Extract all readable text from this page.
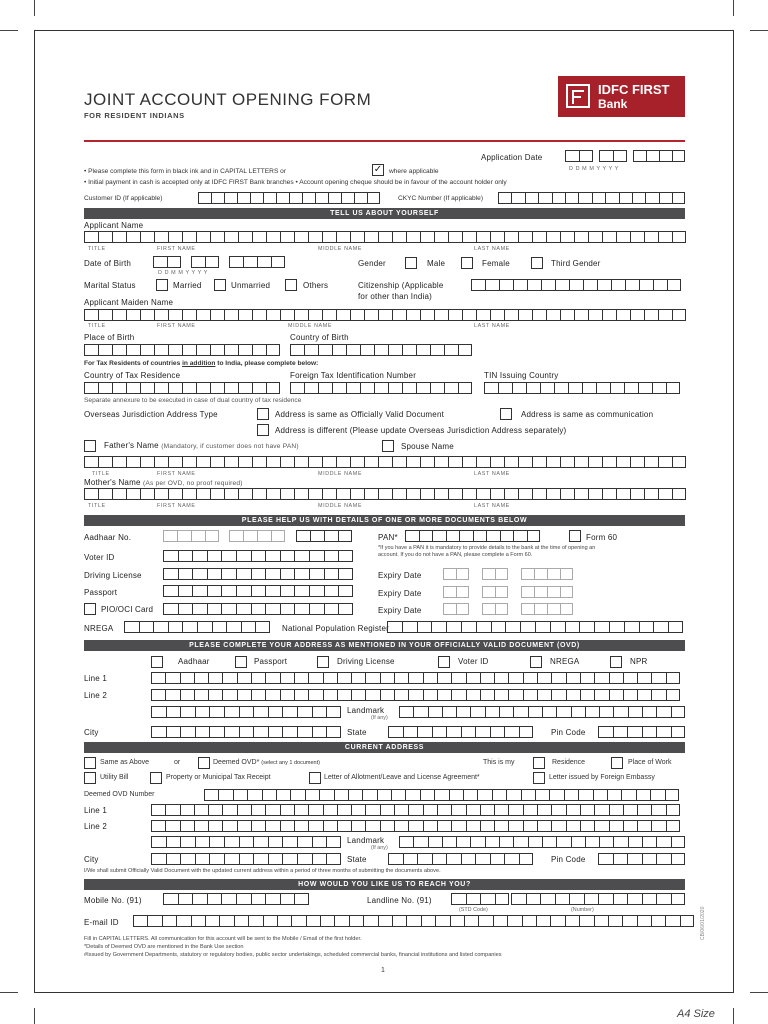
JOINT ACCOUNT OPENING FORM
FOR RESIDENT INDIANS
IDFC FIRST
Bank
Application Date
D D M M Y Y Y Y
• Please complete this form in black ink and in CAPITAL LETTERS or	✓ where applicable
• Initial payment in cash is accepted only at IDFC FIRST Bank branches • Account opening cheque should be in favour of the account holder only
Customer ID (If applicable)	CKYC Number (If applicable)
TELL US ABOUT YOURSELF
Applicant Name
TITLE	FIRST NAME	MIDDLE NAME	LAST NAME
Date of Birth
D D M M Y Y Y Y
Gender	Male	Female	Third Gender
Marital Status	Married	Unmarried	Others	Citizenship (Applicable
for other than India)
Applicant Maiden Name
TITLE	FIRST NAME	MIDDLE NAME	LAST NAME
Place of Birth	Country of Birth
For Tax Residents of countries in addition to India, please complete below:
Country of Tax Residence	Foreign Tax Identification Number	TIN Issuing Country
Separate annexure to be executed in case of dual country of tax residence
Overseas Jurisdiction Address Type	Address is same as Officially Valid Document	Address is same as communication
Address is different (Please update Overseas Jurisdiction Address separately)
Father's Name (Mandatory, if customer does not have PAN)	Spouse Name
TITLE	FIRST NAME	MIDDLE NAME	LAST NAME
Mother's Name (As per OVD, no proof required)
TITLE	FIRST NAME	MIDDLE NAME	LAST NAME
PLEASE HELP US WITH DETAILS OF ONE OR MORE DOCUMENTS BELOW
Aadhaar No.	PAN*	Form 60
*If you have a PAN it is mandatory to provide details to the bank at the time of opening an
account. If you do not have a PAN, please complete a Form 60.
Voter ID
Driving License	Expiry Date
Passport	Expiry Date
PIO/OCI Card	Expiry Date
NREGA	National Population Register
PLEASE COMPLETE YOUR ADDRESS AS MENTIONED IN YOUR OFFICIALLY VALID DOCUMENT (OVD)
Aadhaar	Passport	Driving License	Voter ID	NREGA	NPR
Line 1
Line 2
Landmark
(If any)
City	State	Pin Code
CURRENT ADDRESS
Same as Above	or	Deemed OVD* (select any 1 document)	This is my	Residence	Place of Work
Utility Bill	Property or Municipal Tax Receipt	Letter of Allotment/Leave and License Agreement*	Letter issued by Foreign Embassy
Deemed OVD Number
Line 1
Line 2
Landmark
(If any)
City	State	Pin Code
I/We shall submit Officially Valid Document with the updated current address within a period of three months of submitting the documents above.
HOW WOULD YOU LIKE US TO REACH YOU?
Mobile No. (91)	Landline No. (91)
(STD Code)	(Number)
E-mail ID
Fill in CAPITAL LETTERS. All communication for this account will be sent to the Mobile / Email of the first holder.
*Details of Deemed OVD are mentioned in the Bank Use section
#Issued by Government Departments, statutory or regulatory bodies, public sector undertakings, scheduled commercial banks, financial institutions and listed companies
1
CB/06/01/2020
A4 Size
